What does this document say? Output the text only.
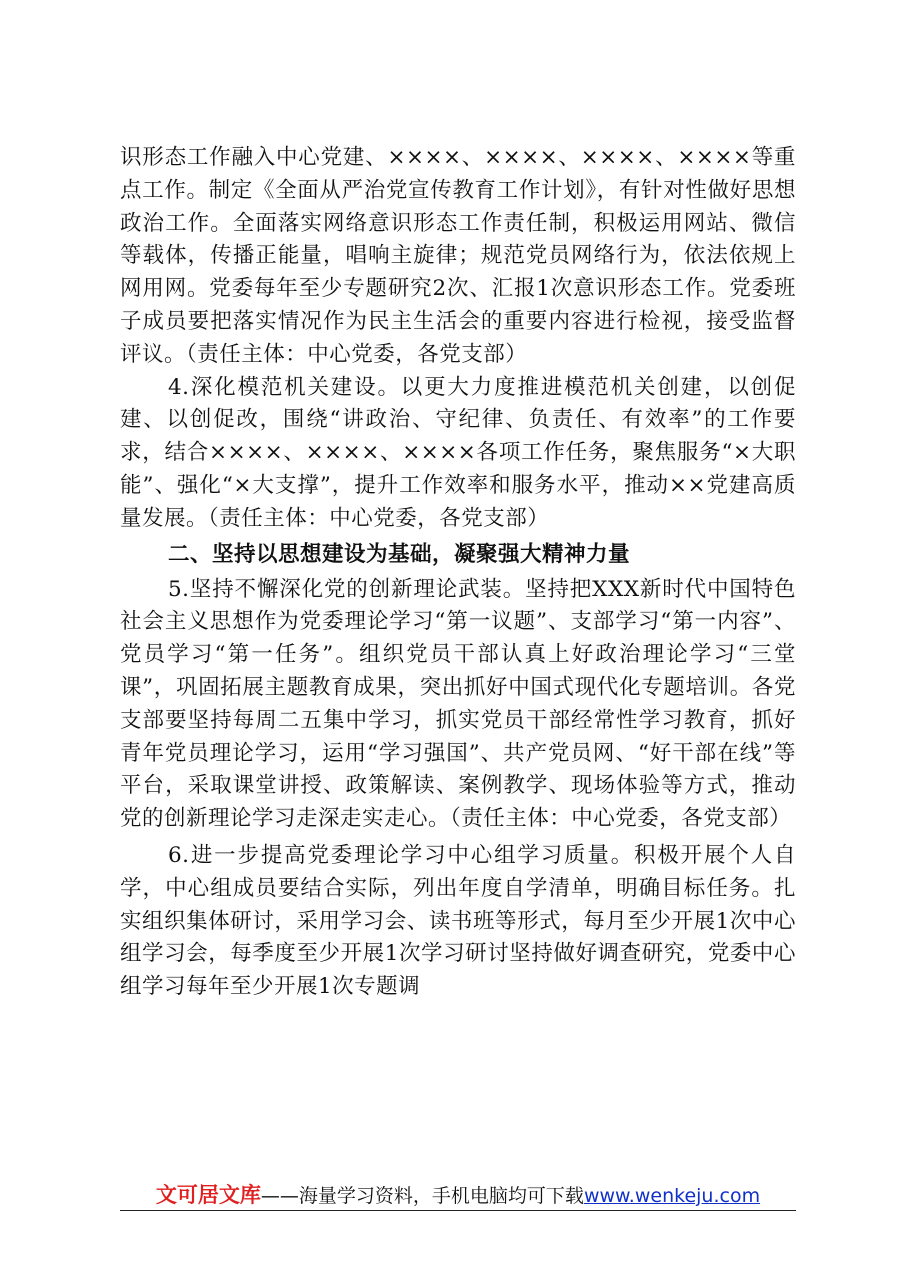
识形态工作融入中心党建、××××、××××、××××、××××等重点工作。制定《全面从严治党宣传教育工作计划》，有针对性做好思想政治工作。全面落实网络意识形态工作责任制，积极运用网站、微信等载体，传播正能量，唱响主旋律；规范党员网络行为，依法依规上网用网。党委每年至少专题研究2次、汇报1次意识形态工作。党委班子成员要把落实情况作为民主生活会的重要内容进行检视，接受监督评议。（责任主体：中心党委，各党支部）

4.深化模范机关建设。以更大力度推进模范机关创建，以创促建、以创促改，围绕“讲政治、守纪律、负责任、有效率”的工作要求，结合××××、××××、××××各项工作任务，聚焦服务“×大职能”、强化“×大支撑”，提升工作效率和服务水平，推动××党建高质量发展。（责任主体：中心党委，各党支部）

二、坚持以思想建设为基础，凝聚强大精神力量

5.坚持不懈深化党的创新理论武装。坚持把XXX新时代中国特色社会主义思想作为党委理论学习“第一议题”、支部学习“第一内容”、党员学习“第一任务”。组织党员干部认真上好政治理论学习“三堂课”，巩固拓展主题教育成果，突出抓好中国式现代化专题培训。各党支部要坚持每周二五集中学习，抓实党员干部经常性学习教育，抓好青年党员理论学习，运用“学习强国”、共产党员网、“好干部在线”等平台，采取课堂讲授、政策解读、案例教学、现场体验等方式，推动党的创新理论学习走深走实走心。（责任主体：中心党委，各党支部）

6.进一步提高党委理论学习中心组学习质量。积极开展个人自学，中心组成员要结合实际，列出年度自学清单，明确目标任务。扎实组织集体研讨，采用学习会、读书班等形式，每月至少开展1次中心组学习会，每季度至少开展1次学习研讨坚持做好调查研究，党委中心组学习每年至少开展1次专题调

文可居文库——海量学习资料，手机电脑均可下载www.wenkeju.com
